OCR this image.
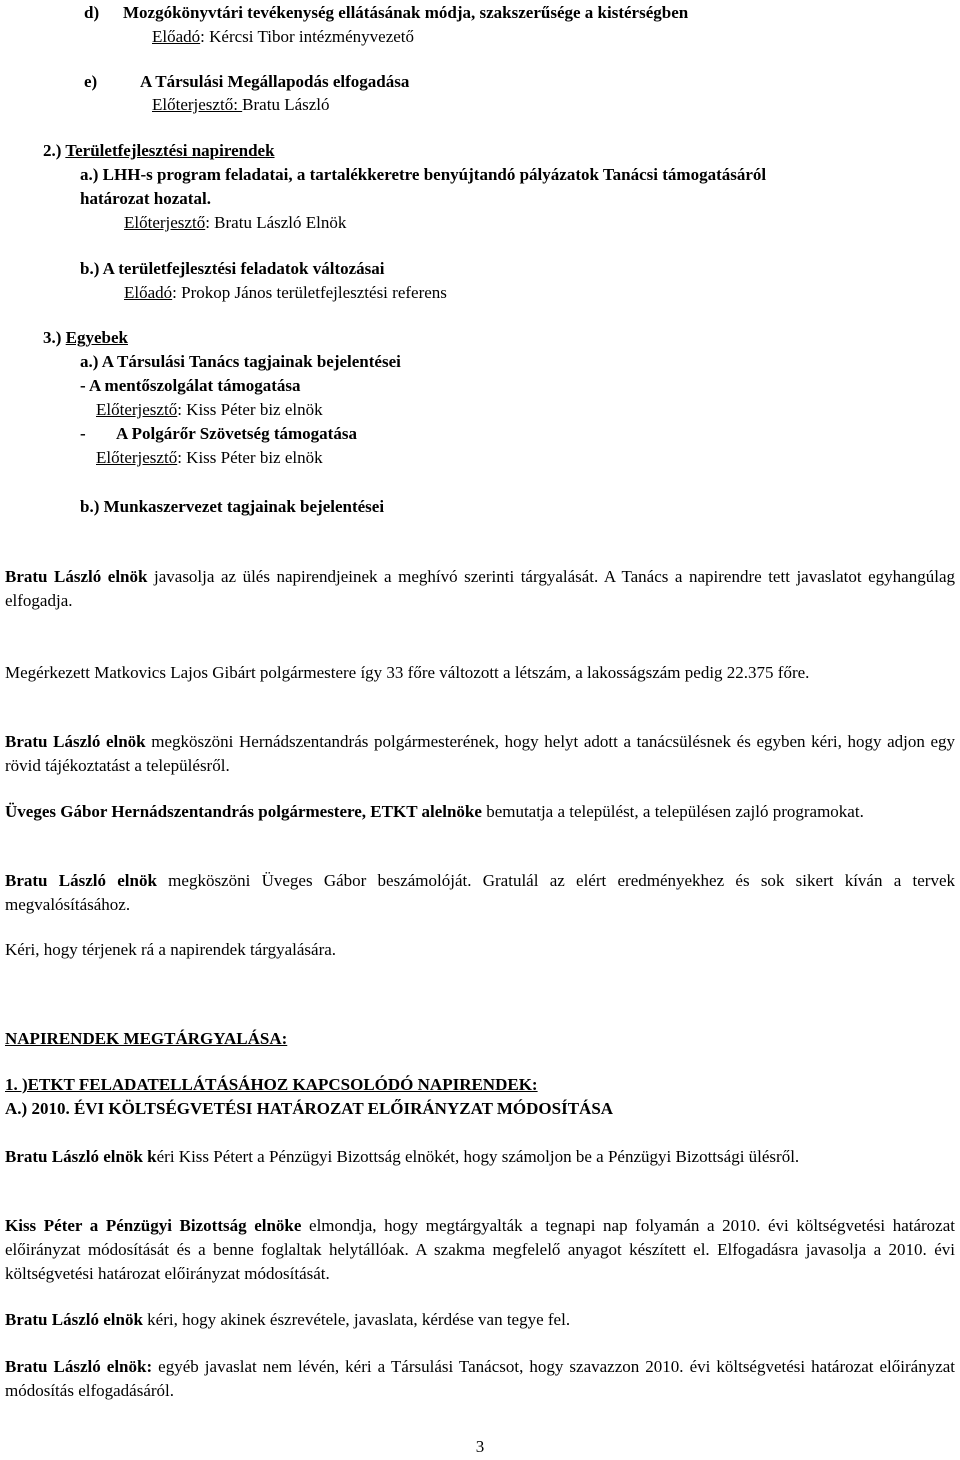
d) Mozgókönyvtári tevékenység ellátásának módja, szakszerűsége a kistérségben
Előadó: Kércsi Tibor intézményvezető
e)	A Társulási Megállapodás elfogadása
Előterjesztő: Bratu László
2.) Területfejlesztési napirendek
a.) LHH-s program feladatai, a tartalékkeretre benyújtandó pályázatok Tanácsi támogatásáról
határozat hozatal.
Előterjesztő: Bratu László Elnök
b.) A területfejlesztési feladatok változásai
Előadó: Prokop János területfejlesztési referens
3.) Egyebek
a.) A Társulási Tanács tagjainak bejelentései
- A mentőszolgálat támogatása
Előterjesztő: Kiss Péter biz elnök
- A Polgárőr Szövetség támogatása
Előterjesztő: Kiss Péter biz elnök
b.) Munkaszervezet tagjainak bejelentései
Bratu László elnök javasolja az ülés napirendjeinek a meghívó szerinti tárgyalását. A Tanács a napirendre tett javaslatot egyhangúlag elfogadja.
Megérkezett Matkovics Lajos Gibárt polgármestere így 33 főre változott a létszám, a lakosságszám pedig 22.375 főre.
Bratu László elnök megköszöni Hernádszentandrás polgármesterének, hogy helyt adott a tanácsülésnek és egyben kéri, hogy adjon egy rövid tájékoztatást a településről.
Üveges Gábor Hernádszentandrás polgármestere, ETKT alelnöke bemutatja a települést, a településen zajló programokat.
Bratu László elnök megköszöni Üveges Gábor beszámolóját. Gratulál az elért eredményekhez és sok sikert kíván a tervek megvalósításához.
Kéri, hogy térjenek rá a napirendek tárgyalására.
NAPIRENDEK MEGTÁRGYALÁSA:
1. )ETKT FELADATELLÁTÁSÁHOZ KAPCSOLÓDÓ NAPIRENDEK:
A.) 2010. ÉVI KÖLTSÉGVETÉSI HATÁROZAT ELŐIRÁNYZAT MÓDOSÍTÁSA
Bratu László elnök kéri Kiss Pétert a Pénzügyi Bizottság elnökét, hogy számoljon be a Pénzügyi Bizottsági ülésről.
Kiss Péter a Pénzügyi Bizottság elnöke elmondja, hogy megtárgyalták a tegnapi nap folyamán a 2010. évi költségvetési határozat előirányzat módosítását és a benne foglaltak helytállóak. A szakma megfelelő anyagot készített el. Elfogadásra javasolja a 2010. évi költségvetési határozat előirányzat módosítását.
Bratu László elnök kéri, hogy akinek észrevétele, javaslata, kérdése van tegye fel.
Bratu László elnök: egyéb javaslat nem lévén, kéri a Társulási Tanácsot, hogy szavazzon 2010. évi költségvetési határozat előirányzat módosítás elfogadásáról.
3
